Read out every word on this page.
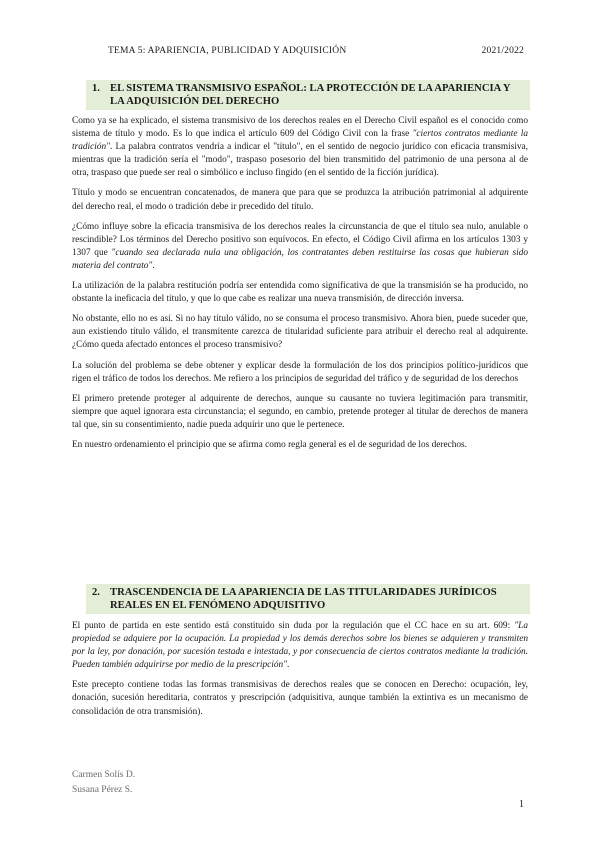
TEMA 5: APARIENCIA, PUBLICIDAD Y ADQUISICIÓN	2021/2022
1. EL SISTEMA TRANSMISIVO ESPAÑOL: LA PROTECCIÓN DE LA APARIENCIA Y LA ADQUISICIÓN DEL DERECHO

Como ya se ha explicado, el sistema transmisivo de los derechos reales en el Derecho Civil español es el conocido como sistema de título y modo. Es lo que indica el artículo 609 del Código Civil con la frase "ciertos contratos mediante la tradición". La palabra contratos vendría a indicar el "título", en el sentido de negocio jurídico con eficacia transmisiva, mientras que la tradición sería el "modo", traspaso posesorio del bien transmitido del patrimonio de una persona al de otra, traspaso que puede ser real o simbólico e incluso fingido (en el sentido de la ficción jurídica).

Título y modo se encuentran concatenados, de manera que para que se produzca la atribución patrimonial al adquirente del derecho real, el modo o tradición debe ir precedido del título.

¿Cómo influye sobre la eficacia transmisiva de los derechos reales la circunstancia de que el título sea nulo, anulable o rescindible? Los términos del Derecho positivo son equívocos. En efecto, el Código Civil afirma en los artículos 1303 y 1307 que "cuando sea declarada nula una obligación, los contratantes deben restituirse las cosas que hubieran sido materia del contrato".

La utilización de la palabra restitución podría ser entendida como significativa de que la transmisión se ha producido, no obstante la ineficacia del título, y que lo que cabe es realizar una nueva transmisión, de dirección inversa.

No obstante, ello no es así. Si no hay título válido, no se consuma el proceso transmisivo. Ahora bien, puede suceder que, aun existiendo título válido, el transmitente carezca de titularidad suficiente para atribuir el derecho real al adquirente. ¿Cómo queda afectado entonces el proceso transmisivo?

La solución del problema se debe obtener y explicar desde la formulación de los dos principios político-jurídicos que rigen el tráfico de todos los derechos. Me refiero a los principios de seguridad del tráfico y de seguridad de los derechos

El primero pretende proteger al adquirente de derechos, aunque su causante no tuviera legitimación para transmitir, siempre que aquel ignorara esta circunstancia; el segundo, en cambio, pretende proteger al titular de derechos de manera tal que, sin su consentimiento, nadie pueda adquirir uno que le pertenece.

En nuestro ordenamiento el principio que se afirma como regla general es el de seguridad de los derechos.

2. TRASCENDENCIA DE LA APARIENCIA DE LAS TITULARIDADES JURÍDICOS REALES EN EL FENÓMENO ADQUISITIVO

El punto de partida en este sentido está constituido sin duda por la regulación que el CC hace en su art. 609: "La propiedad se adquiere por la ocupación. La propiedad y los demás derechos sobre los bienes se adquieren y transmiten por la ley, por donación, por sucesión testada e intestada, y por consecuencia de ciertos contratos mediante la tradición. Pueden también adquirirse por medio de la prescripción".

Este precepto contiene todas las formas transmisivas de derechos reales que se conocen en Derecho: ocupación, ley, donación, sucesión hereditaria, contratos y prescripción (adquisitiva, aunque también la extintiva es un mecanismo de consolidación de otra transmisión).

Carmen Solís D.
Susana Pérez S.
1
